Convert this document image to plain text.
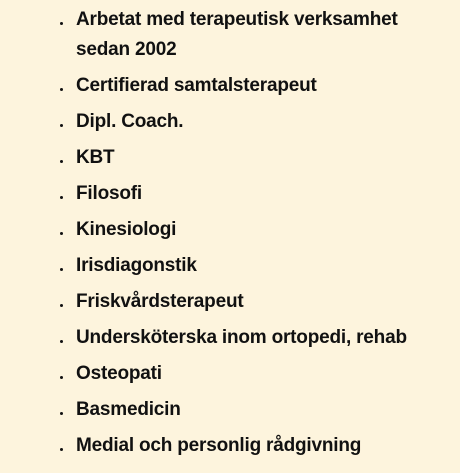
Arbetat med terapeutisk verksamhet
sedan 2002
Certifierad samtalsterapeut
Dipl. Coach.
KBT
Filosofi
Kinesiologi
Irisdiagonstik
Friskvårdsterapeut
Undersköterska inom ortopedi, rehab
Osteopati
Basmedicin
Medial och personlig rådgivning
